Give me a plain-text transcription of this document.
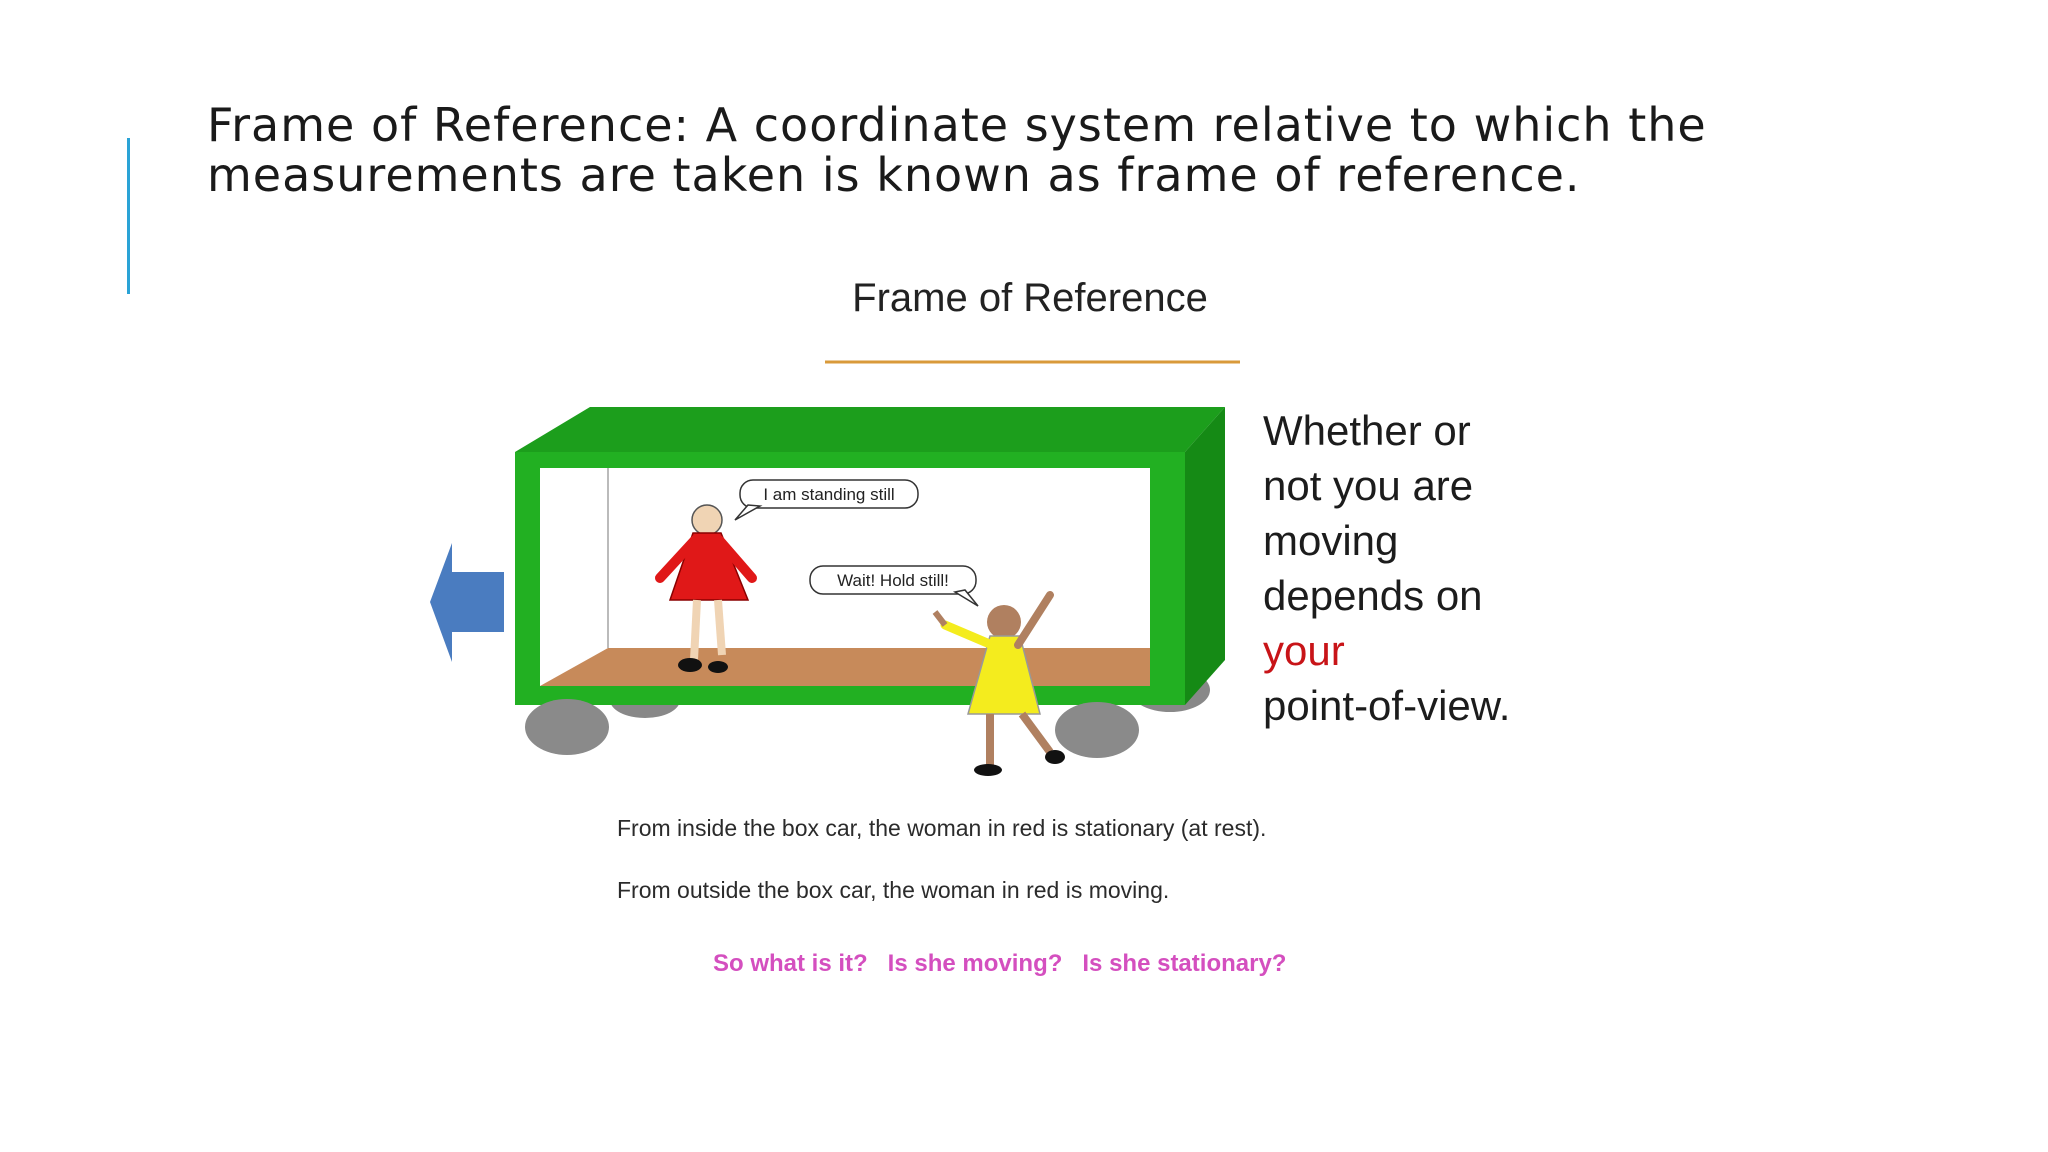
Frame of Reference: A coordinate system relative to which the measurements are taken is known as frame of reference.
I am standing still
Wait! Hold still!
Frame of Reference
Whether or
not you are
moving
depends on
your
point-of-view.
From inside the box car, the woman in red is stationary (at rest).
From outside the box car, the woman in red is moving.
So what is it?   Is she moving?   Is she stationary?
